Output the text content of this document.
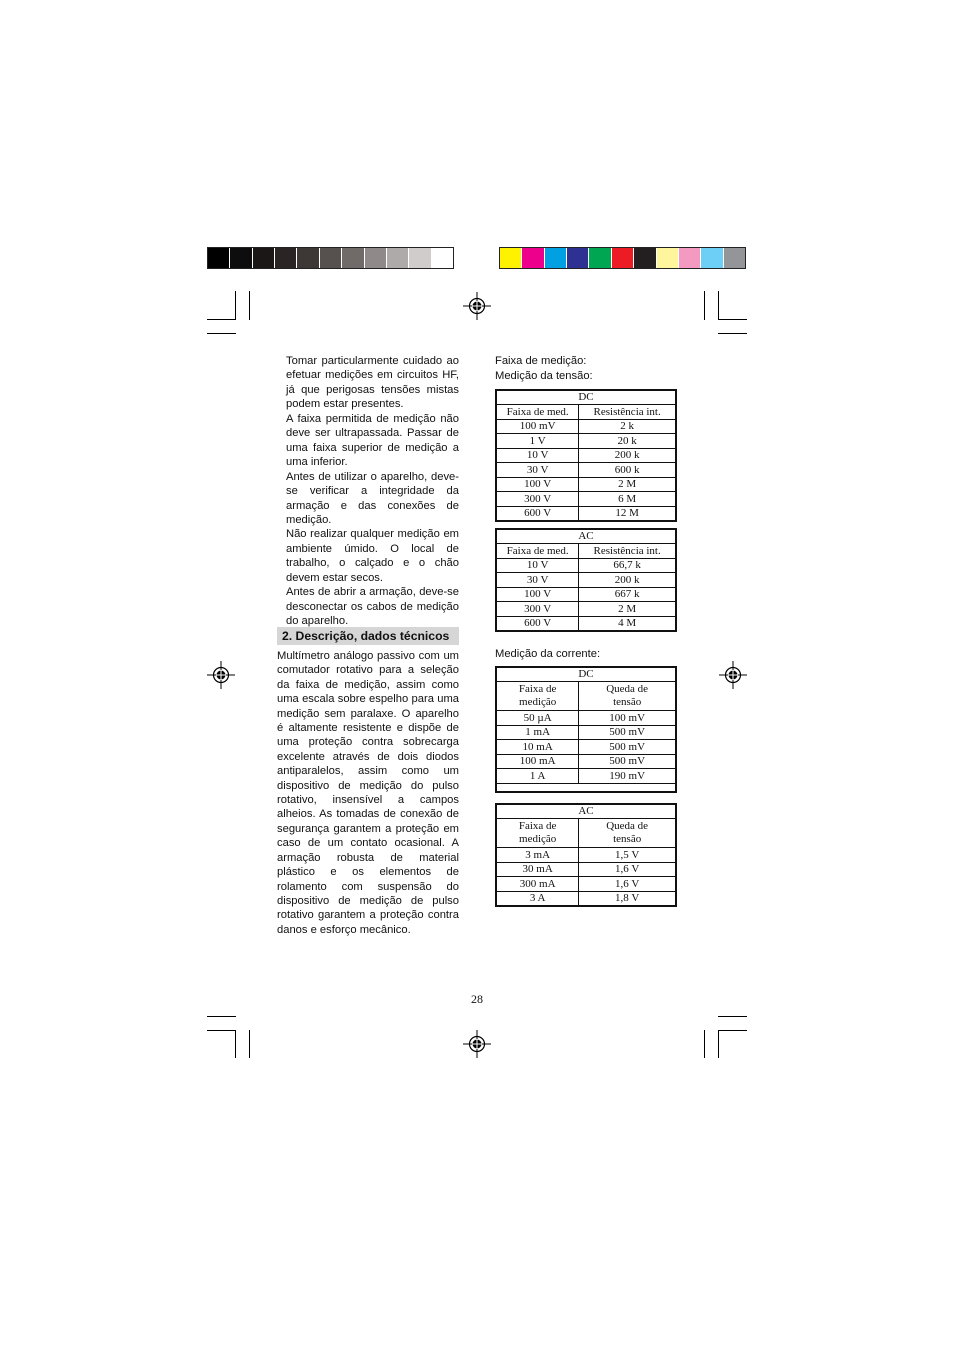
Tomar particularmente cuidado ao efetuar medições em circuitos HF, já que perigosas tensões mistas podem estar presentes.

A faixa permitida de medição não deve ser ultrapassada. Passar de uma faixa superior de medição a uma inferior.

Antes de utilizar o aparelho, deve-se verificar a integridade da armação e das conexões de medição.

Não realizar qualquer medição em ambiente úmido. O local de trabalho, o calçado e o chão devem estar secos.

Antes de abrir a armação, deve-se desconectar os cabos de medição do aparelho.

2. Descrição, dados técnicos

Multímetro análogo passivo com um comutador rotativo para a seleção da faixa de medição, assim como uma escala sobre espelho para uma medição sem paralaxe. O aparelho é altamente resistente e dispõe de uma proteção contra sobrecarga excelente através de dois diodos antiparalelos, assim como um dispositivo de medição do pulso rotativo, insensível a campos alheios. As tomadas de conexão de segurança garantem a proteção em caso de um contato ocasional. A armação robusta de material plástico e os elementos de rolamento com suspensão do dispositivo de medição de pulso rotativo garantem a proteção contra danos e esforço mecânico.

Faixa de medição:
Medição da tensão:
DC	
Faixa de med.	Resistência int.
100 mV	2 k
1 V	20 k
10 V	200 k
30 V	600 k
100 V	2 M
300 V	6 M
600 V	12 M
AC	
Faixa de med.	Resistência int.
10 V	66,7 k
30 V	200 k
100 V	667 k
300 V	2 M
600 V	4 M
Medição da corrente:
DC	
Faixa de
medição	Queda de
tensão
50 µA	100 mV
1 mA	500 mV
10 mA	500 mV
100 mA	500 mV
1 A	190 mV

AC	
Faixa de
medição	Queda de
tensão
3 mA	1,5 V
30 mA	1,6 V
300 mA	1,6 V
3 A	1,8 V
28
